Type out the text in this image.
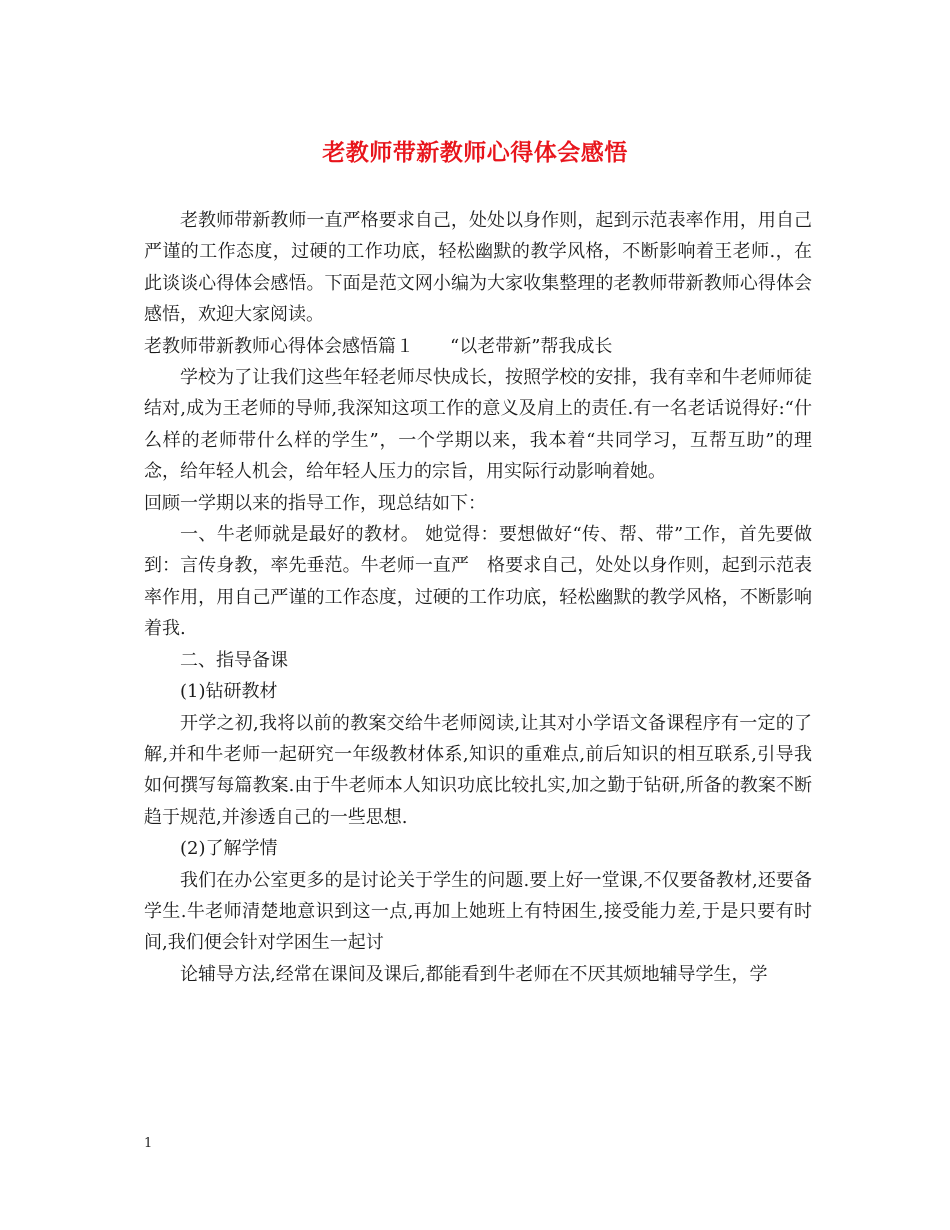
老教师带新教师心得体会感悟

老教师带新教师一直严格要求自己，处处以身作则，起到示范表率作用，用自己严谨的工作态度，过硬的工作功底，轻松幽默的教学风格，不断影响着王老师.，在此谈谈心得体会感悟。下面是范文网小编为大家收集整理的老教师带新教师心得体会感悟，欢迎大家阅读。

老教师带新教师心得体会感悟篇１　　“以老带新”帮我成长

学校为了让我们这些年轻老师尽快成长，按照学校的安排，我有幸和牛老师师徒结对,成为王老师的导师,我深知这项工作的意义及肩上的责任.有一名老话说得好:“什么样的老师带什么样的学生”，一个学期以来，我本着“共同学习，互帮互助”的理念，给年轻人机会，给年轻人压力的宗旨，用实际行动影响着她。

回顾一学期以来的指导工作，现总结如下：

一、牛老师就是最好的教材。 她觉得：要想做好“传、帮、带”工作，首先要做到：言传身教，率先垂范。牛老师一直严　格要求自己，处处以身作则，起到示范表率作用，用自己严谨的工作态度，过硬的工作功底，轻松幽默的教学风格，不断影响着我.

二、指导备课

(1)钻研教材

开学之初,我将以前的教案交给牛老师阅读,让其对小学语文备课程序有一定的了解,并和牛老师一起研究一年级教材体系,知识的重难点,前后知识的相互联系,引导我如何撰写每篇教案.由于牛老师本人知识功底比较扎实,加之勤于钻研,所备的教案不断趋于规范,并渗透自己的一些思想.

(2)了解学情

我们在办公室更多的是讨论关于学生的问题.要上好一堂课,不仅要备教材,还要备学生.牛老师清楚地意识到这一点,再加上她班上有特困生,接受能力差,于是只要有时间,我们便会针对学困生一起讨

论辅导方法,经常在课间及课后,都能看到牛老师在不厌其烦地辅导学生，学

1
